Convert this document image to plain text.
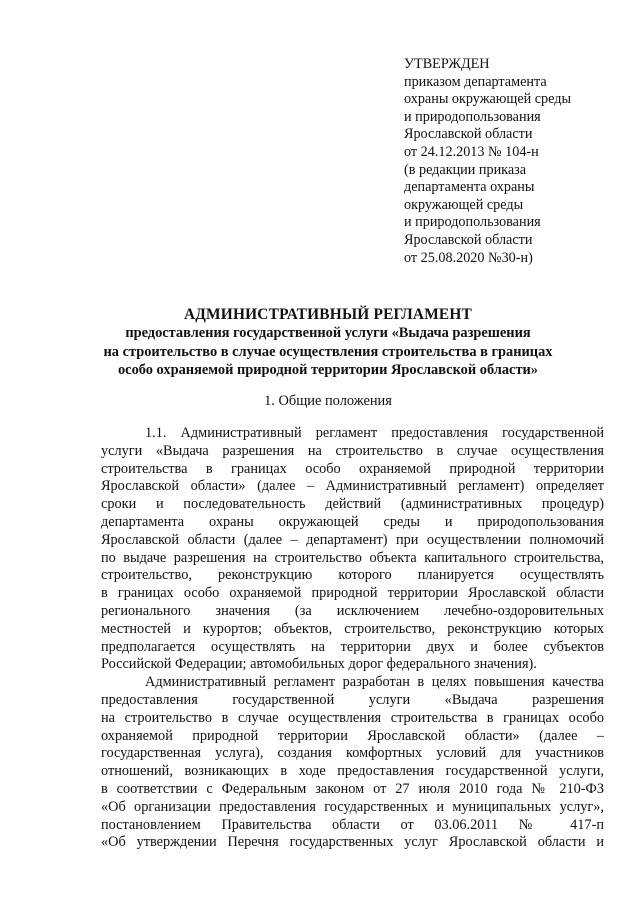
УТВЕРЖДЕН
приказом департамента
охраны окружающей среды
и природопользования
Ярославской области
от 24.12.2013 № 104-н
(в редакции приказа
департамента охраны
окружающей среды
и природопользования
Ярославской области
от 25.08.2020 №30-н)
АДМИНИСТРАТИВНЫЙ РЕГЛАМЕНТ
предоставления государственной услуги «Выдача разрешения
на строительство в случае осуществления строительства в границах
особо охраняемой природной территории Ярославской области»
1. Общие положения
1.1. Административный регламент предоставления государственной
услуги «Выдача разрешения на строительство в случае осуществления
строительства в границах особо охраняемой природной территории
Ярославской области» (далее – Административный регламент) определяет
сроки и последовательность действий (административных процедур)
департамента охраны окружающей среды и природопользования
Ярославской области (далее – департамент) при осуществлении полномочий
по выдаче разрешения на строительство объекта капитального строительства,
строительство, реконструкцию которого планируется осуществлять
в границах особо охраняемой природной территории Ярославской области
регионального значения (за исключением лечебно-оздоровительных
местностей и курортов; объектов, строительство, реконструкцию которых
предполагается осуществлять на территории двух и более субъектов
Российской Федерации; автомобильных дорог федерального значения).
Административный регламент разработан в целях повышения качества
предоставления государственной услуги «Выдача разрешения
на строительство в случае осуществления строительства в границах особо
охраняемой природной территории Ярославской области» (далее –
государственная услуга), создания комфортных условий для участников
отношений, возникающих в ходе предоставления государственной услуги,
в соответствии с Федеральным законом от 27 июля 2010 года № 210-ФЗ
«Об организации предоставления государственных и муниципальных услуг»,
постановлением Правительства области от 03.06.2011 № 417-п
«Об утверждении Перечня государственных услуг Ярославской области и
